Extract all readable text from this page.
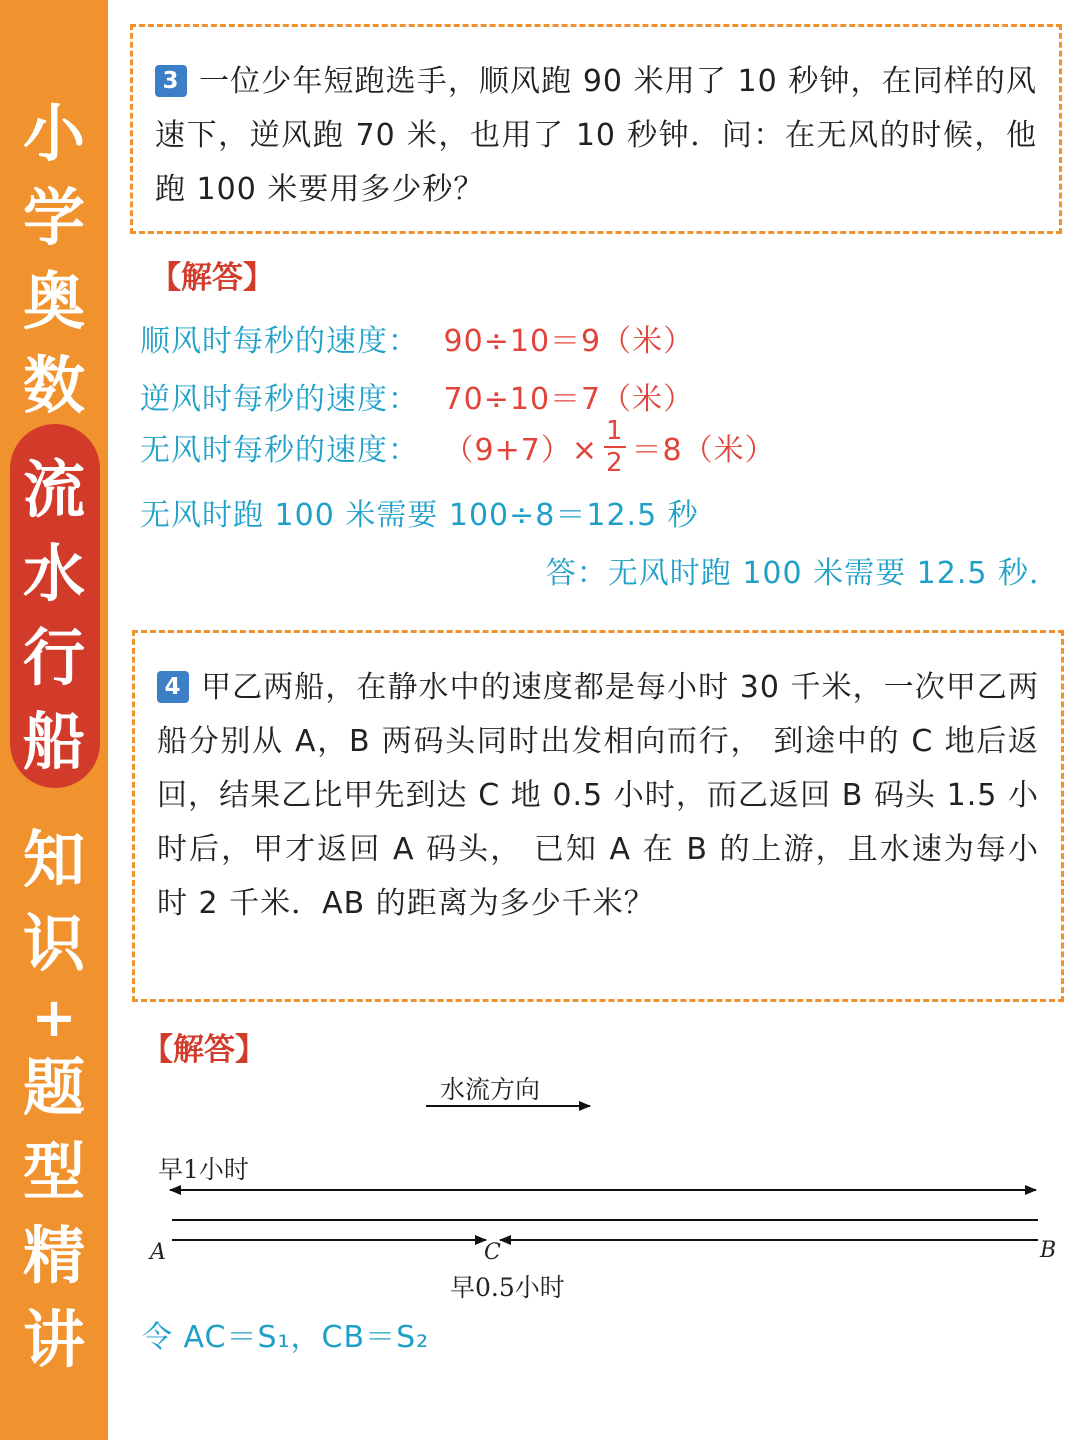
小
学
奥
数
流
水
行
船
知
识
+
题
型
精
讲
3 一位少年短跑选手，顺风跑 90 米用了 10 秒钟，在同样的风速下，逆风跑 70 米，也用了 10 秒钟．问：在无风的时候，他跑 100 米要用多少秒？
【解答】
顺风时每秒的速度： 90÷10＝9（米）
逆风时每秒的速度： 70÷10＝7（米）
无风时每秒的速度： $(9+7)\times \frac{1}{2} =8$（米）
无风时跑 100 米需要 100÷8＝12.5 秒
答：无风时跑 100 米需要 12.5 秒．
4 甲乙两船，在静水中的速度都是每小时 30 千米，一次甲乙两船分别从 A，B 两码头同时出发相向而行， 到途中的 C 地后返回，结果乙比甲先到达 C 地 0.5 小时，而乙返回 B 码头 1.5 小时后，甲才返回 A 码头， 已知 A 在 B 的上游，且水速为每小时 2 千米．AB 的距离为多少千米？
【解答】
水流方向
早1小时
A	C	B
早0.5小时
令 AC＝S₁，CB＝S₂
